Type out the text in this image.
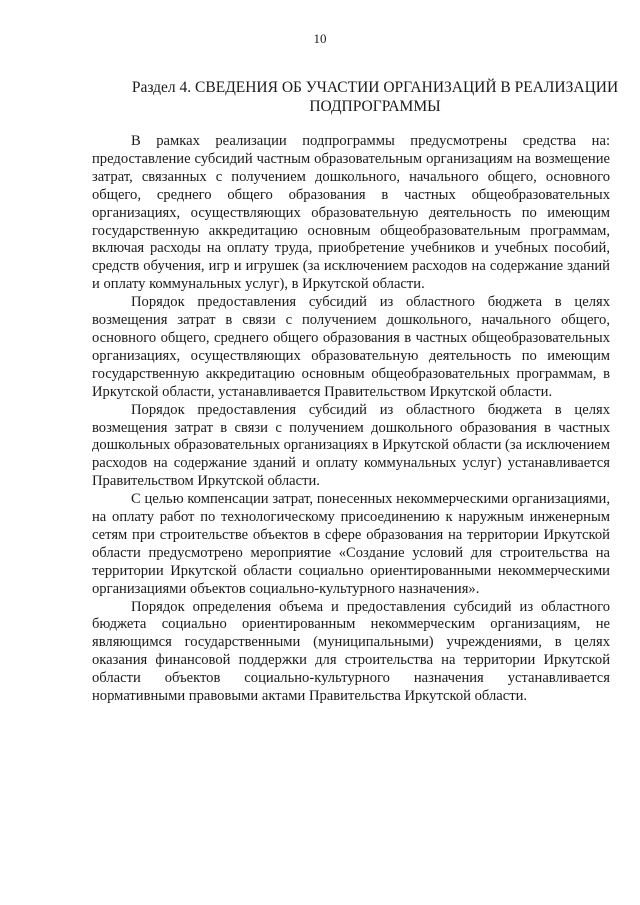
10
Раздел 4. СВЕДЕНИЯ ОБ УЧАСТИИ ОРГАНИЗАЦИЙ В РЕАЛИЗАЦИИ
ПОДПРОГРАММЫ

В рамках реализации подпрограммы предусмотрены средства на: предоставление субсидий частным образовательным организациям на возмещение затрат, связанных с получением дошкольного, начального общего, основного общего, среднего общего образования в частных общеобразовательных организациях, осуществляющих образовательную деятельность по имеющим государственную аккредитацию основным общеобразовательным программам, включая расходы на оплату труда, приобретение учебников и учебных пособий, средств обучения, игр и игрушек (за исключением расходов на содержание зданий и оплату коммунальных услуг), в Иркутской области.

Порядок предоставления субсидий из областного бюджета в целях возмещения затрат в связи с получением дошкольного, начального общего, основного общего, среднего общего образования в частных общеобразовательных организациях, осуществляющих образовательную деятельность по имеющим государственную аккредитацию основным общеобразовательных программам, в Иркутской области, устанавливается Правительством Иркутской области.

Порядок предоставления субсидий из областного бюджета в целях возмещения затрат в связи с получением дошкольного образования в частных дошкольных образовательных организациях в Иркутской области (за исключением расходов на содержание зданий и оплату коммунальных услуг) устанавливается Правительством Иркутской области.

С целью компенсации затрат, понесенных некоммерческими организациями, на оплату работ по технологическому присоединению к наружным инженерным сетям при строительстве объектов в сфере образования на территории Иркутской области предусмотрено мероприятие «Создание условий для строительства на территории Иркутской области социально ориентированными некоммерческими организациями объектов социально-культурного назначения».

Порядок определения объема и предоставления субсидий из областного бюджета социально ориентированным некоммерческим организациям, не являющимся государственными (муниципальными) учреждениями, в целях оказания финансовой поддержки для строительства на территории Иркутской области объектов социально-культурного назначения устанавливается нормативными правовыми актами Правительства Иркутской области.
